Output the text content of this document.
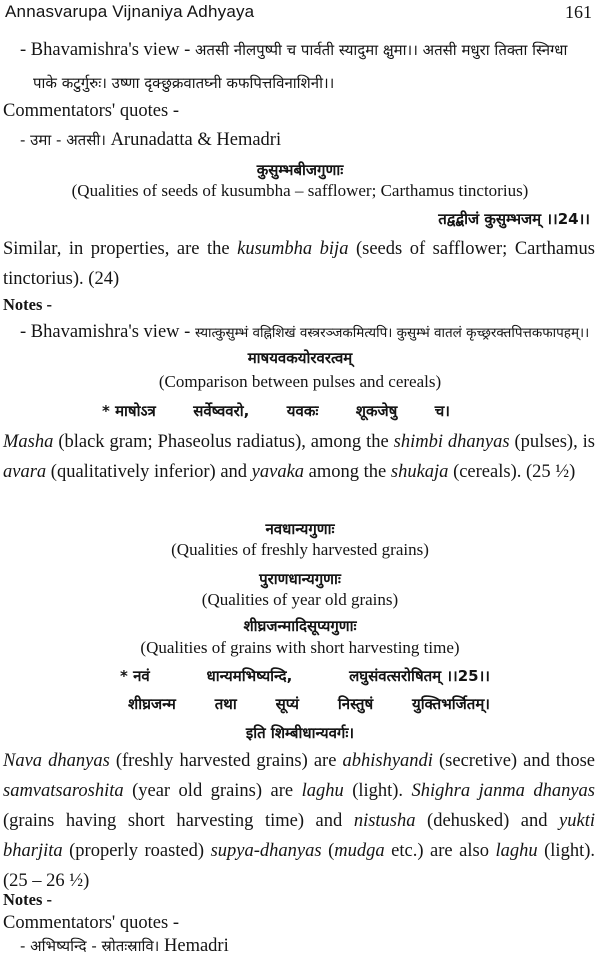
Annasvarupa Vijnaniya Adhyaya	161
- Bhavamishra's view - अतसी नीलपुष्पी च पार्वती स्यादुमा क्षुमा।। अतसी मधुरा तिक्ता स्निग्धा
पाके कटुर्गुरुः। उष्णा दृक्छुक्रवातघ्नी कफपित्तविनाशिनी।।
Commentators' quotes -
- उमा - अतसी। Arunadatta & Hemadri
कुसुम्भबीजगुणाः
(Qualities of seeds of kusumbha – safflower; Carthamus tinctorius)
तद्वद्बीजं कुसुम्भजम् ।।24।।
Similar, in properties, are the kusumbha bija (seeds of safflower; Carthamus tinctorius). (24)
Notes -
- Bhavamishra's view - स्यात्कुसुम्भं वह्निशिखं वस्त्ररञ्जकमित्यपि। कुसुम्भं वातलं कृच्छ्ररक्तपित्तकफापहम्।।
माषयवकयोरवरत्वम्
(Comparison between pulses and cereals)
* माषोऽत्र सर्वेष्ववरो, यवकः शूकजेषु च।
Masha (black gram; Phaseolus radiatus), among the shimbi dhanyas (pulses), is avara (qualitatively inferior) and yavaka among the shukaja (cereals). (25 ½)
नवधान्यगुणाः
(Qualities of freshly harvested grains)
पुराणधान्यगुणाः
(Qualities of year old grains)
शीघ्रजन्मादिसूप्यगुणाः
(Qualities of grains with short harvesting time)
* नवं	धान्यमभिष्यन्दि,	लघुसंवत्सरोषितम् ।।25।।
शीघ्रजन्म	तथा	सूप्यं	निस्तुषं	युक्तिभर्जितम्।
इति शिम्बीधान्यवर्गः।
Nava dhanyas (freshly harvested grains) are abhishyandi (secretive) and those samvatsaroshita (year old grains) are laghu (light). Shighra janma dhanyas (grains having short harvesting time) and nistusha (dehusked) and yukti bharjita (properly roasted) supya-dhanyas (mudga etc.) are also laghu (light). (25 – 26 ½)
Notes -
Commentators' quotes -
- अभिष्यन्दि - स्रोतःस्रावि। Hemadri
